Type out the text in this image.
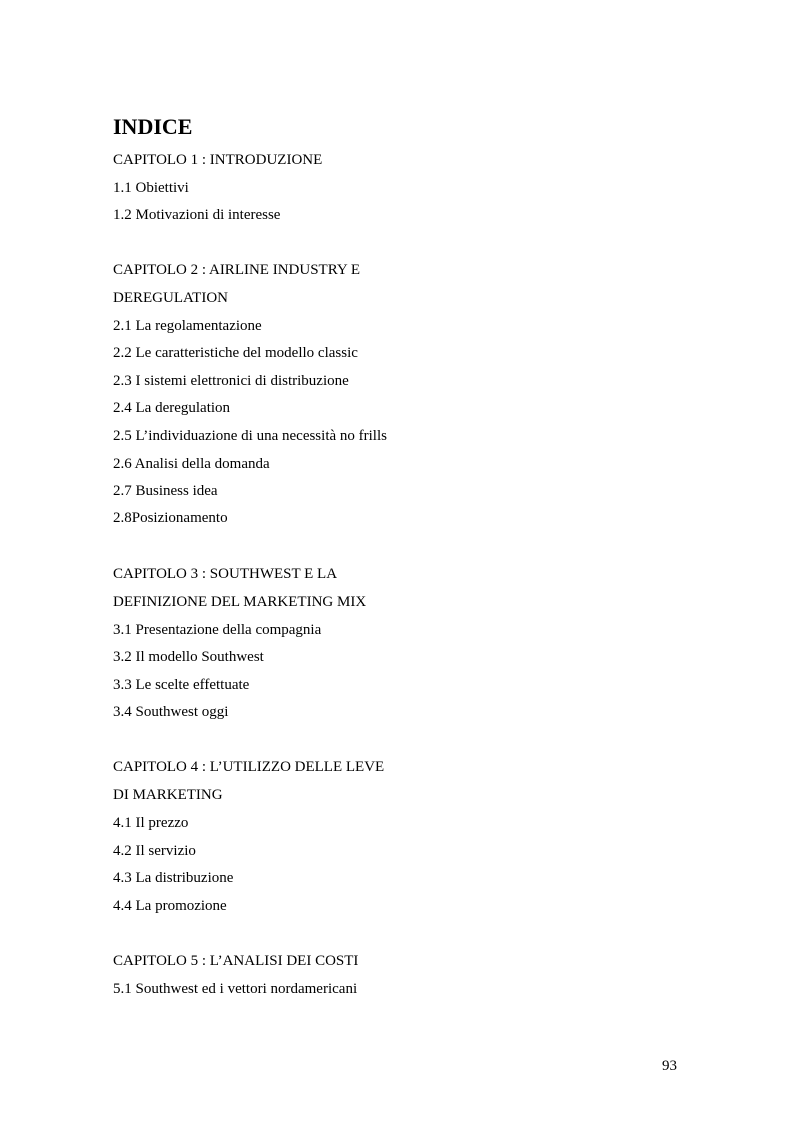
INDICE
CAPITOLO 1 : INTRODUZIONE
1.1 Obiettivi
1.2 Motivazioni di interesse
CAPITOLO 2 : AIRLINE INDUSTRY E
DEREGULATION
2.1 La regolamentazione
2.2 Le caratteristiche del modello classic
2.3 I sistemi elettronici di distribuzione
2.4 La deregulation
2.5 L’individuazione di una necessità no frills
2.6 Analisi della domanda
2.7 Business idea
2.8Posizionamento
CAPITOLO 3 : SOUTHWEST E LA
DEFINIZIONE DEL MARKETING MIX
3.1 Presentazione della compagnia
3.2 Il modello Southwest
3.3 Le scelte effettuate
3.4 Southwest oggi
CAPITOLO 4 : L’UTILIZZO DELLE LEVE
DI MARKETING
4.1 Il prezzo
4.2 Il servizio
4.3 La distribuzione
4.4 La promozione
CAPITOLO 5 : L’ANALISI DEI COSTI
5.1 Southwest ed i vettori nordamericani
93
